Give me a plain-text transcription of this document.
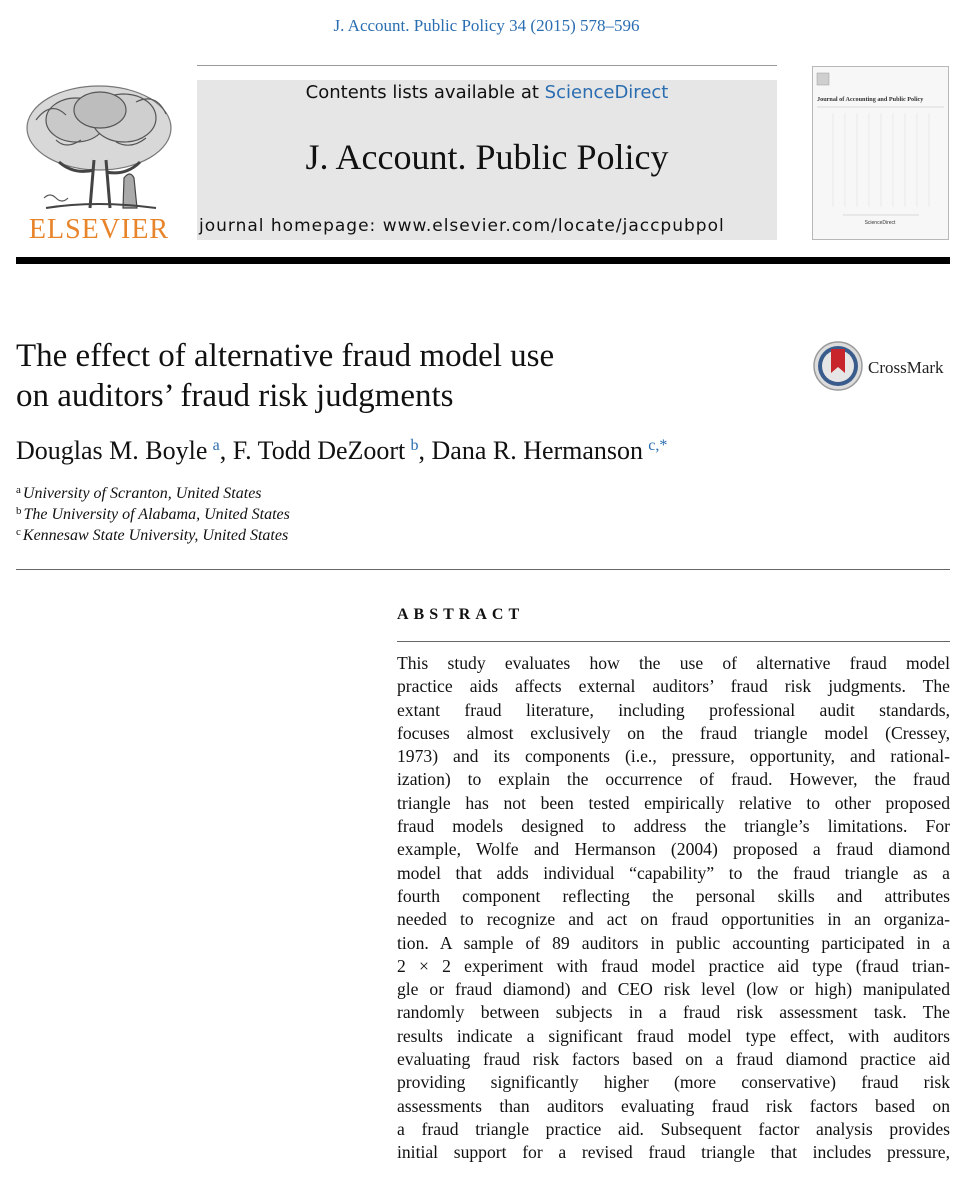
J. Account. Public Policy 34 (2015) 578–596
ELSEVIER
Contents lists available at ScienceDirect
J. Account. Public Policy
journal homepage: www.elsevier.com/locate/jaccpubpol
Journal of Accounting and Public Policy
ScienceDirect
The effect of alternative fraud model use
on auditors’ fraud risk judgments
CrossMark
Douglas M. Boyle  $^a$, F. Todd DeZoort  $^b$, Dana R. Hermanson  $^{c,*}$
$^a$ University of Scranton, United States
$^b$ The University of Alabama, United States
$^c$ Kennesaw State University, United States
ABSTRACT
This study evaluates how the use of alternative fraud model
practice aids affects external auditors’ fraud risk judgments. The
extant fraud literature, including professional audit standards,
focuses almost exclusively on the fraud triangle model (Cressey,
1973) and its components (i.e., pressure, opportunity, and rational-
ization) to explain the occurrence of fraud. However, the fraud
triangle has not been tested empirically relative to other proposed
fraud models designed to address the triangle’s limitations. For
example, Wolfe and Hermanson (2004) proposed a fraud diamond
model that adds individual “capability” to the fraud triangle as a
fourth component reflecting the personal skills and attributes
needed to recognize and act on fraud opportunities in an organiza-
tion. A sample of 89 auditors in public accounting participated in a
2 × 2 experiment with fraud model practice aid type (fraud trian-
gle or fraud diamond) and CEO risk level (low or high) manipulated
randomly between subjects in a fraud risk assessment task. The
results indicate a significant fraud model type effect, with auditors
evaluating fraud risk factors based on a fraud diamond practice aid
providing significantly higher (more conservative) fraud risk
assessments than auditors evaluating fraud risk factors based on
a fraud triangle practice aid. Subsequent factor analysis provides
initial support for a revised fraud triangle that includes pressure,
